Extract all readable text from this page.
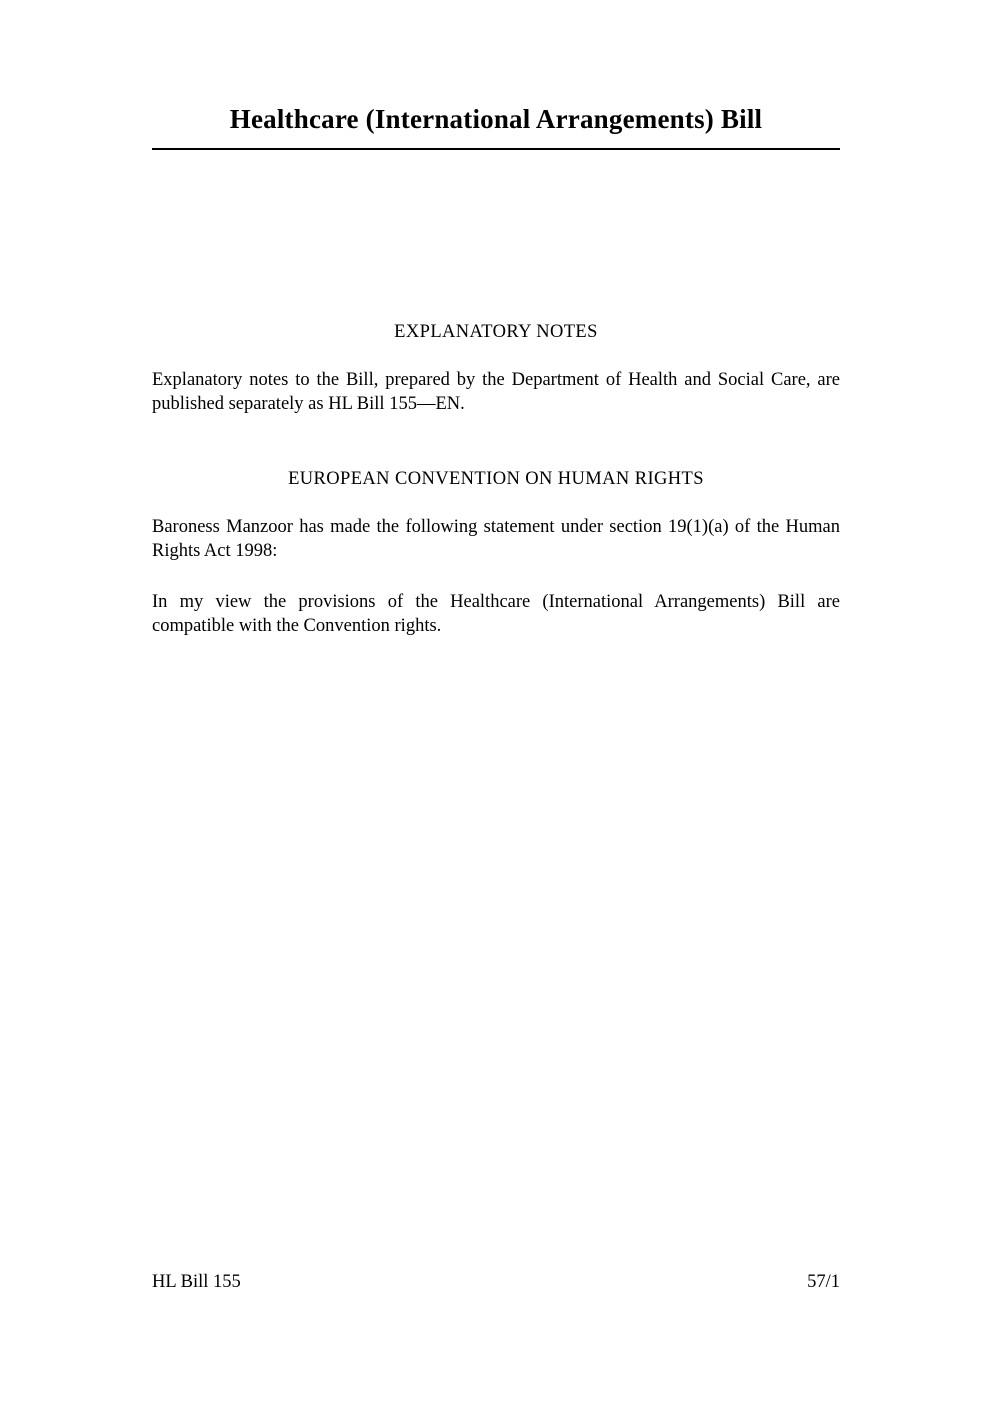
Healthcare (International Arrangements) Bill
EXPLANATORY NOTES

Explanatory notes to the Bill, prepared by the Department of Health and Social Care, are published separately as HL Bill 155—EN.

EUROPEAN CONVENTION ON HUMAN RIGHTS

Baroness Manzoor has made the following statement under section 19(1)(a) of the Human Rights Act 1998:

In my view the provisions of the Healthcare (International Arrangements) Bill are compatible with the Convention rights.

HL Bill 155	57/1
